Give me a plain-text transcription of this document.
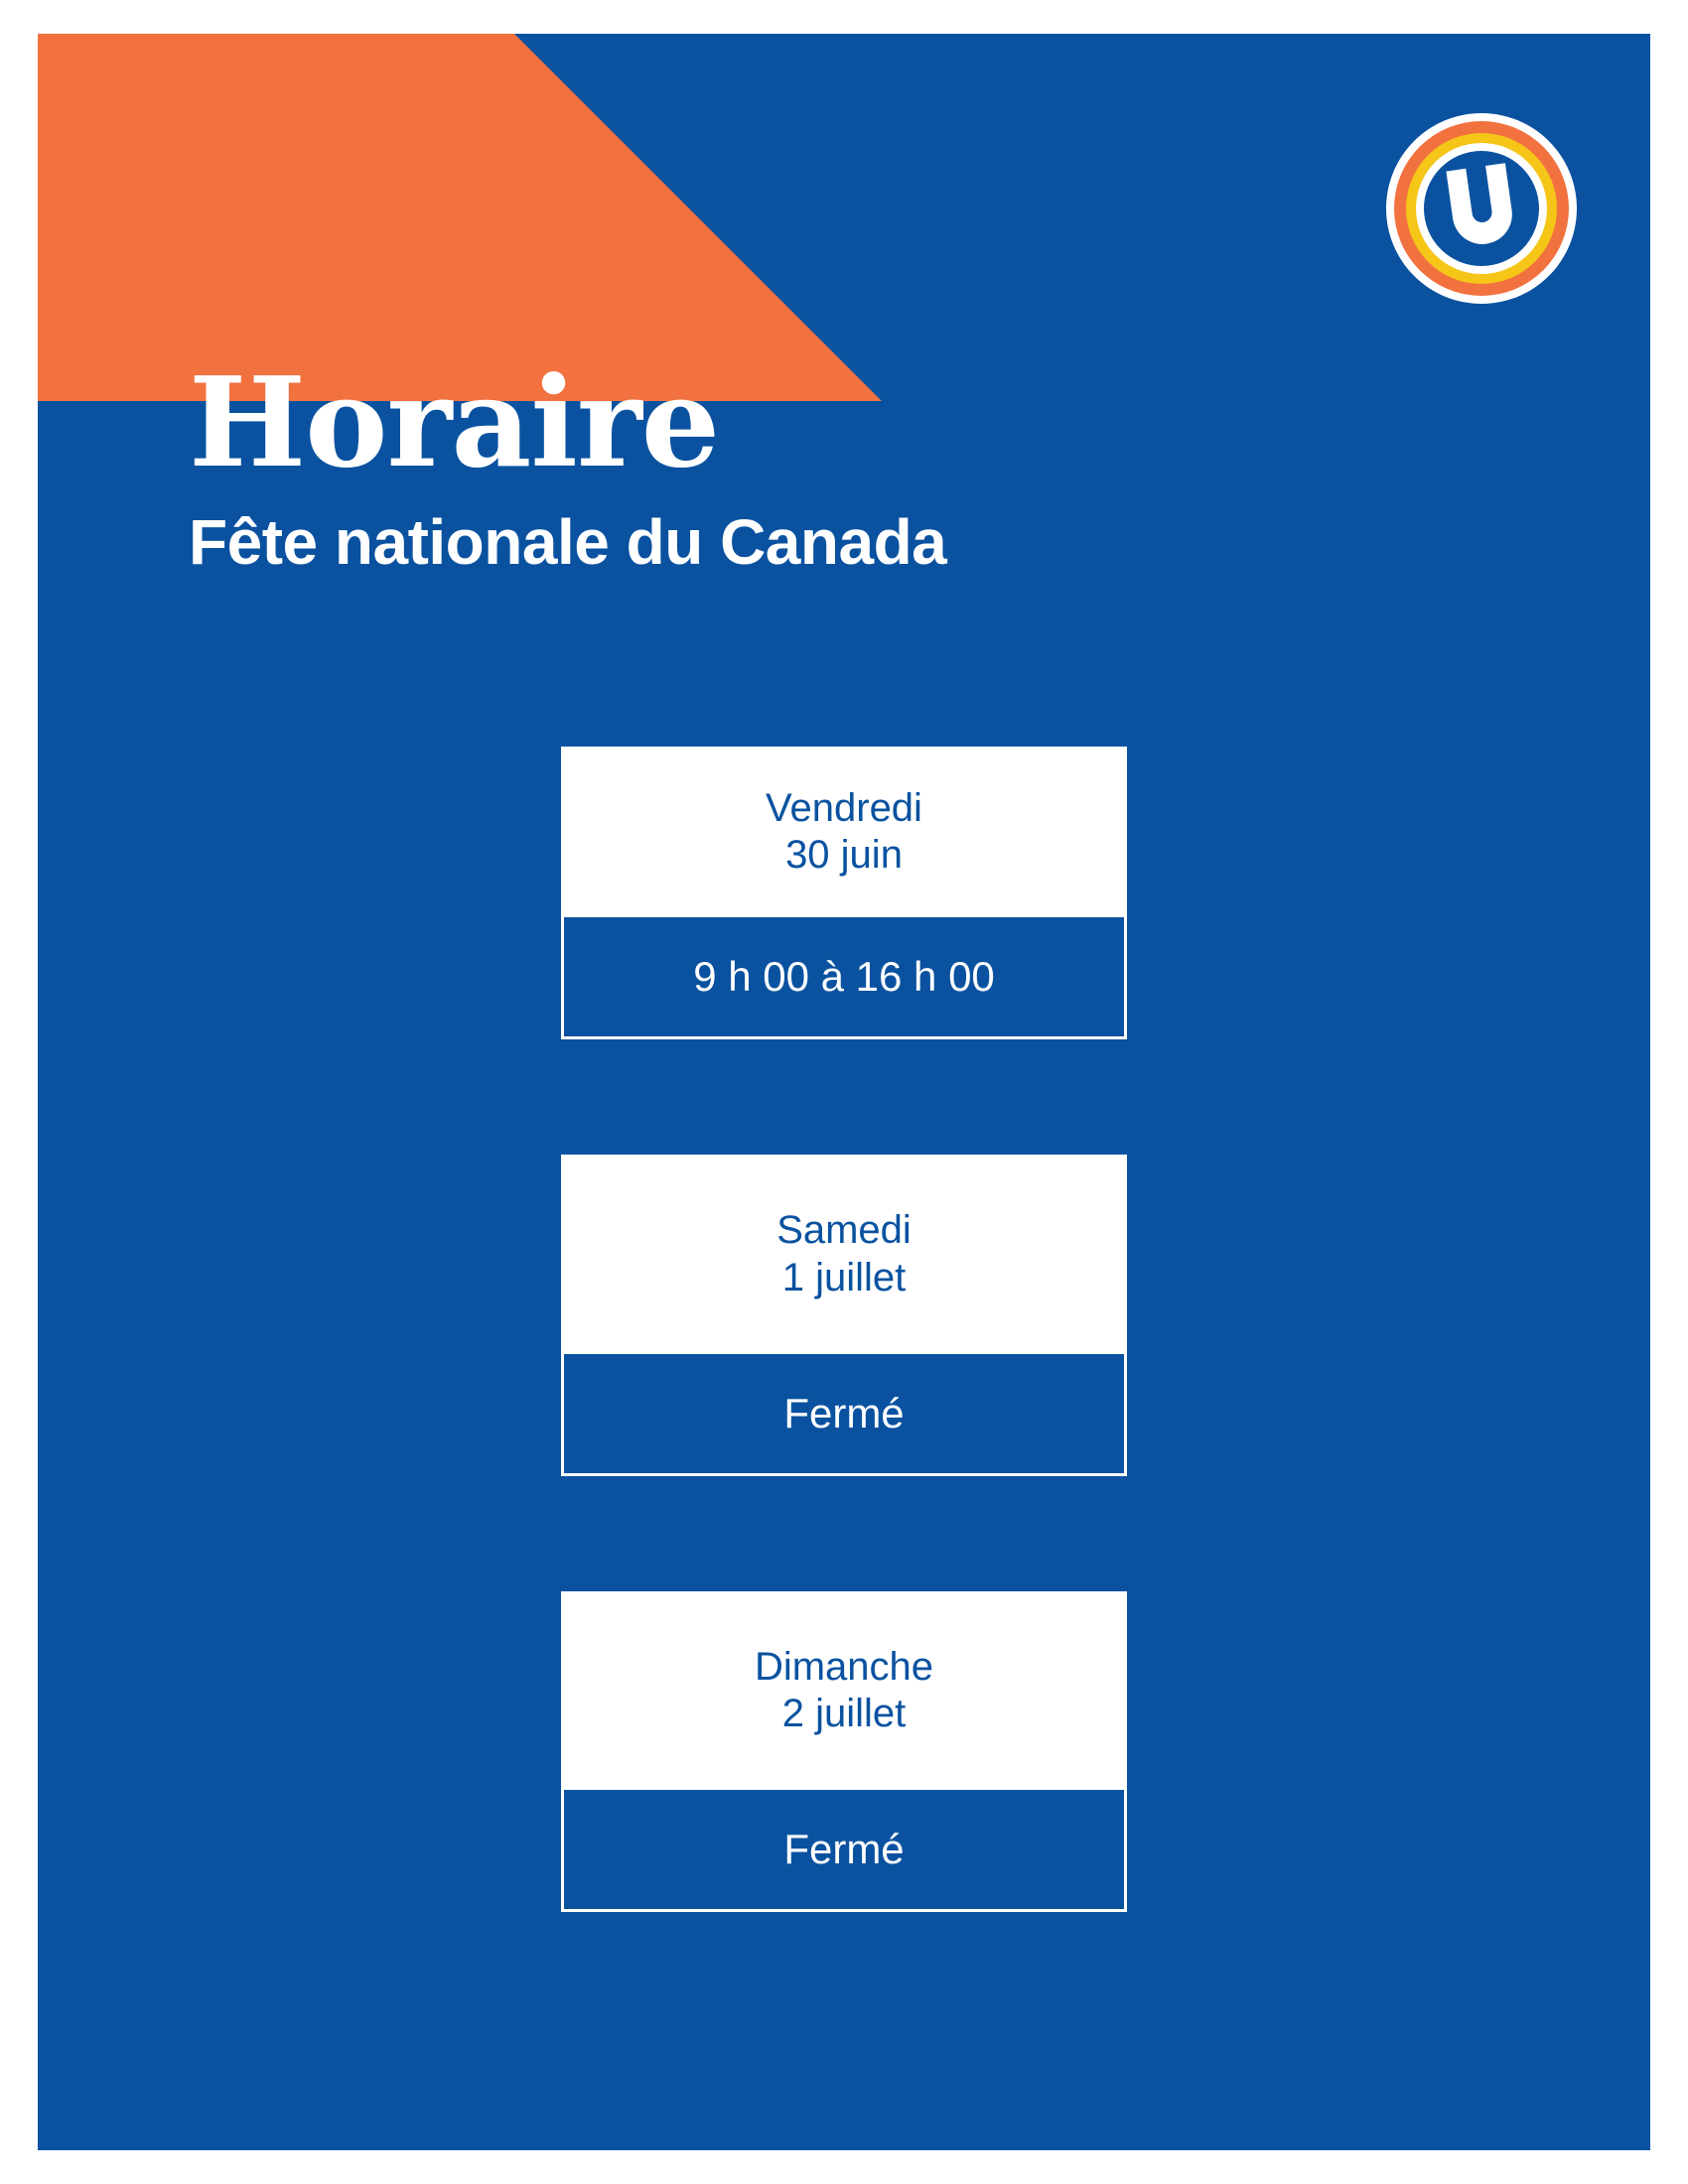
Horaire

Fête nationale du Canada

Vendredi
30 juin
9 h 00 à 16 h 00
Samedi
1 juillet
Fermé
Dimanche
2 juillet
Fermé
